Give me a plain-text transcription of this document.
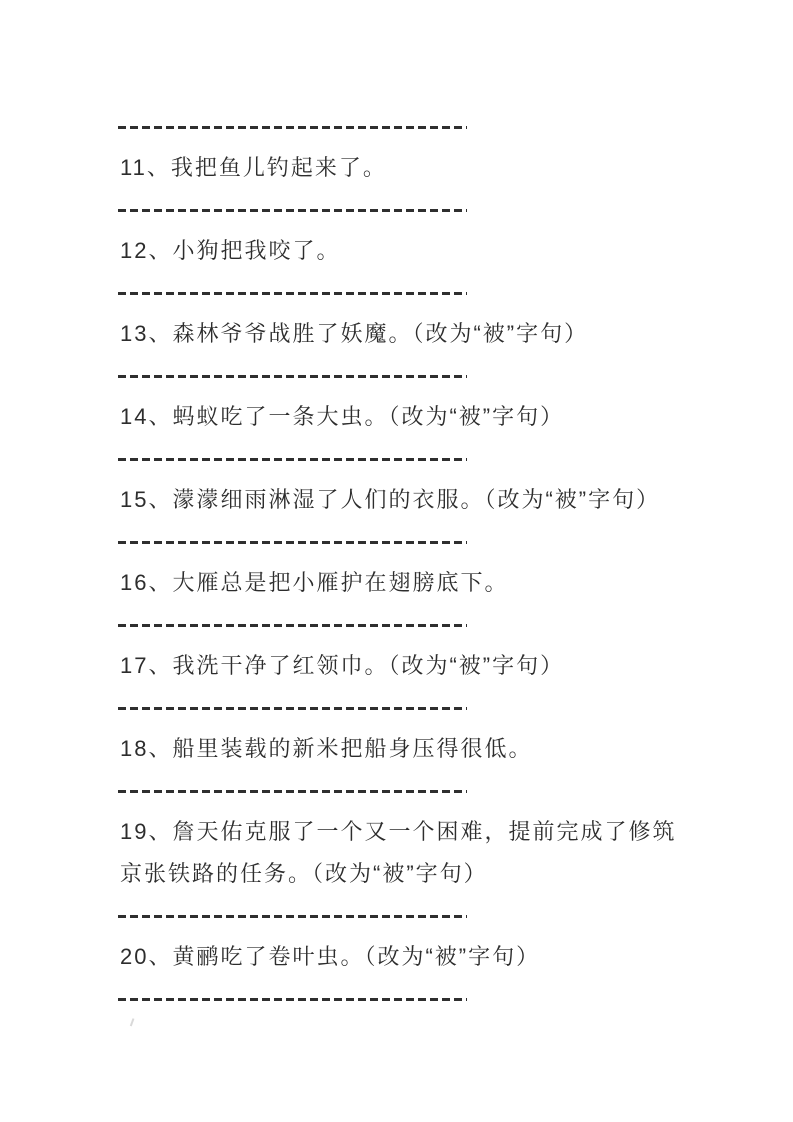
11、我把鱼儿钓起来了。

12、小狗把我咬了。

13、森林爷爷战胜了妖魔。（改为“被”字句）

14、蚂蚁吃了一条大虫。（改为“被”字句）

15、濛濛细雨淋湿了人们的衣服。（改为“被”字句）

16、大雁总是把小雁护在翅膀底下。

17、我洗干净了红领巾。（改为“被”字句）

18、船里装载的新米把船身压得很低。

19、詹天佑克服了一个又一个困难，提前完成了修筑京张铁路的任务。（改为“被”字句）

20、黄鹂吃了卷叶虫。（改为“被”字句）
